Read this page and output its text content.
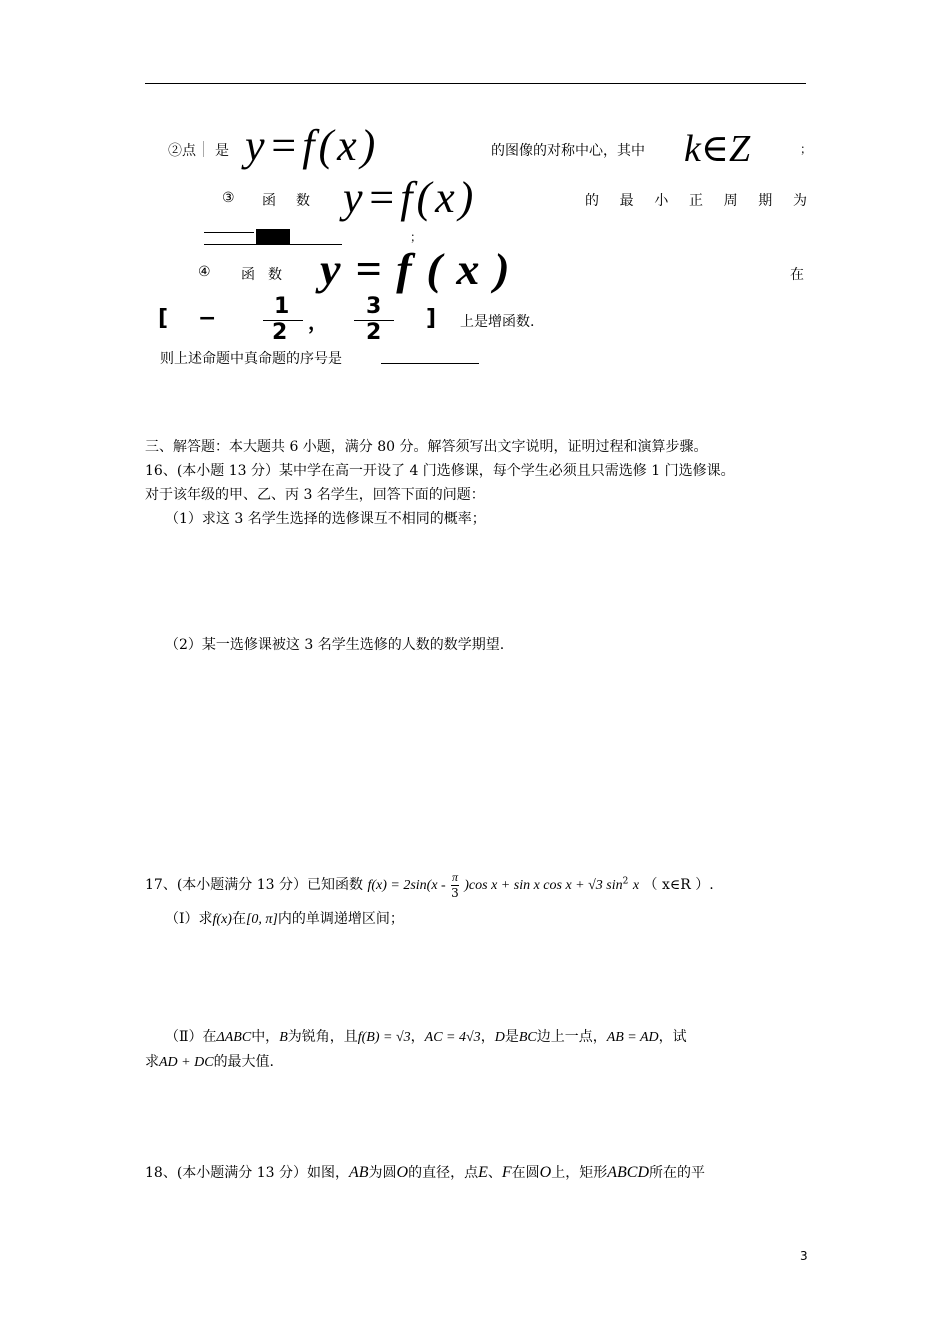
②点 是 y=f(x)	的图像的对称中心，其中 k∈Z	；
③ 函 数 y=f(x)	的 最 小 正 周 期 为
；
④ 函 数 y=f(x)	在
[ −	1
2 ，
3
2
] 上是增函数.
则上述命题中真命题的序号是
三、解答题：本大题共 6 小题，满分 80 分。解答须写出文字说明，证明过程和演算步骤。
16、(本小题 13 分）某中学在高一开设了 4 门选修课，每个学生必须且只需选修 1 门选修课。
对于该年级的甲、乙、丙 3 名学生，回答下面的问题：
（1）求这 3 名学生选择的选修课互不相同的概率；
（2）某一选修课被这 3 名学生选修的人数的数学期望.
17、(本小题满分 13 分）已知函数 $f(x) = 2\sin(x - \frac{\pi}{3} )\cos$ x + sin x cos x + √3 $\sin^2 x$ （ x∈R ）.
（Ⅰ）求f(x)在[0, π]内的单调递增区间；
（Ⅱ）在ΔABC中，B为锐角，且f(B) = √3，AC = 4√3，D是BC边上一点，AB = AD，试
求AD + DC的最大值.
18、(本小题满分 13 分）如图，AB为圆O的直径，点E、F在圆O上，矩形ABCD所在的平
3
